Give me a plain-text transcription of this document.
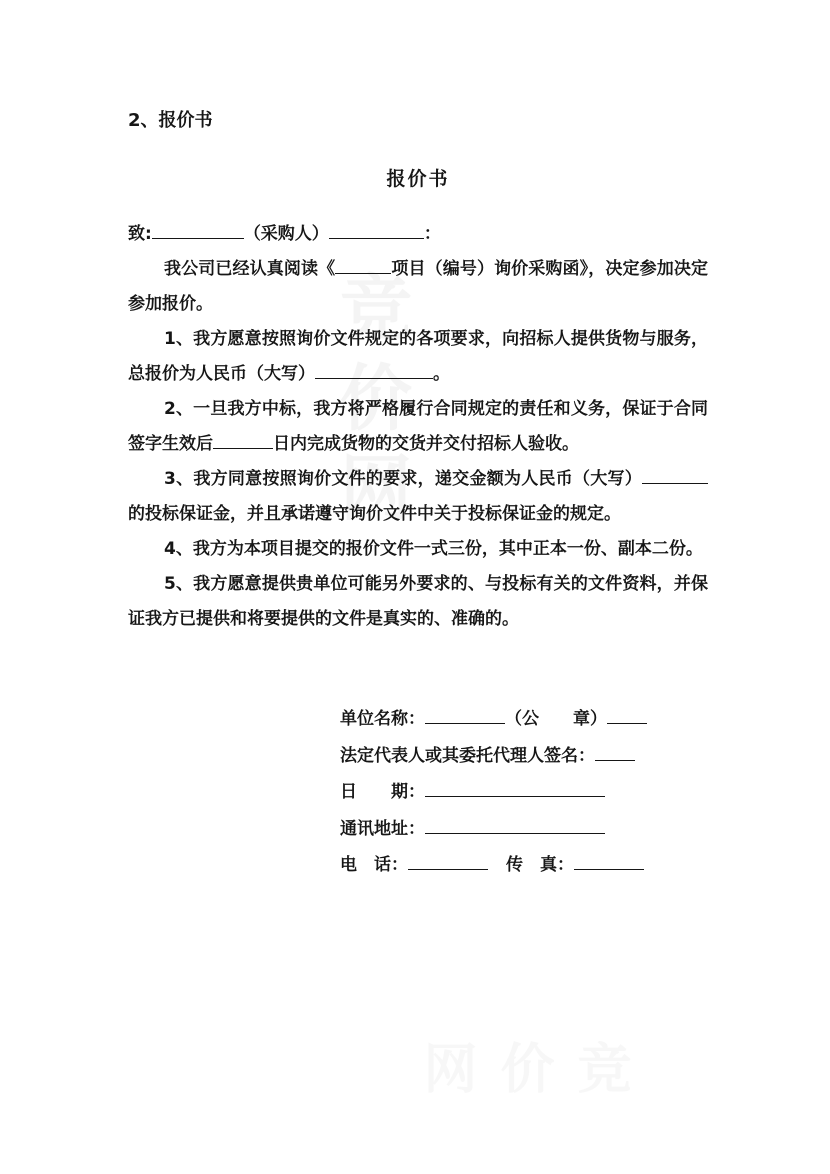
竞价网
竞价网

2、报价书

报价书

致:	（采购人）	：

我公司已经认真阅读《	项目（编号）询价采购函》，决定参加决定参加报价。

1、我方愿意按照询价文件规定的各项要求，向招标人提供货物与服务，总报价为人民币（大写）	。

2、一旦我方中标，我方将严格履行合同规定的责任和义务，保证于合同签字生效后	日内完成货物的交货并交付招标人验收。

3、我方同意按照询价文件的要求，递交金额为人民币（大写）的投标保证金，并且承诺遵守询价文件中关于投标保证金的规定。

4、我方为本项目提交的报价文件一式三份，其中正本一份、副本二份。

5、我方愿意提供贵单位可能另外要求的、与投标有关的文件资料，并保证我方已提供和将要提供的文件是真实的、准确的。

单位名称：	（公　　章）

法定代表人或其委托代理人签名：

日　　期：

通讯地址：

电　话：	传　真：
